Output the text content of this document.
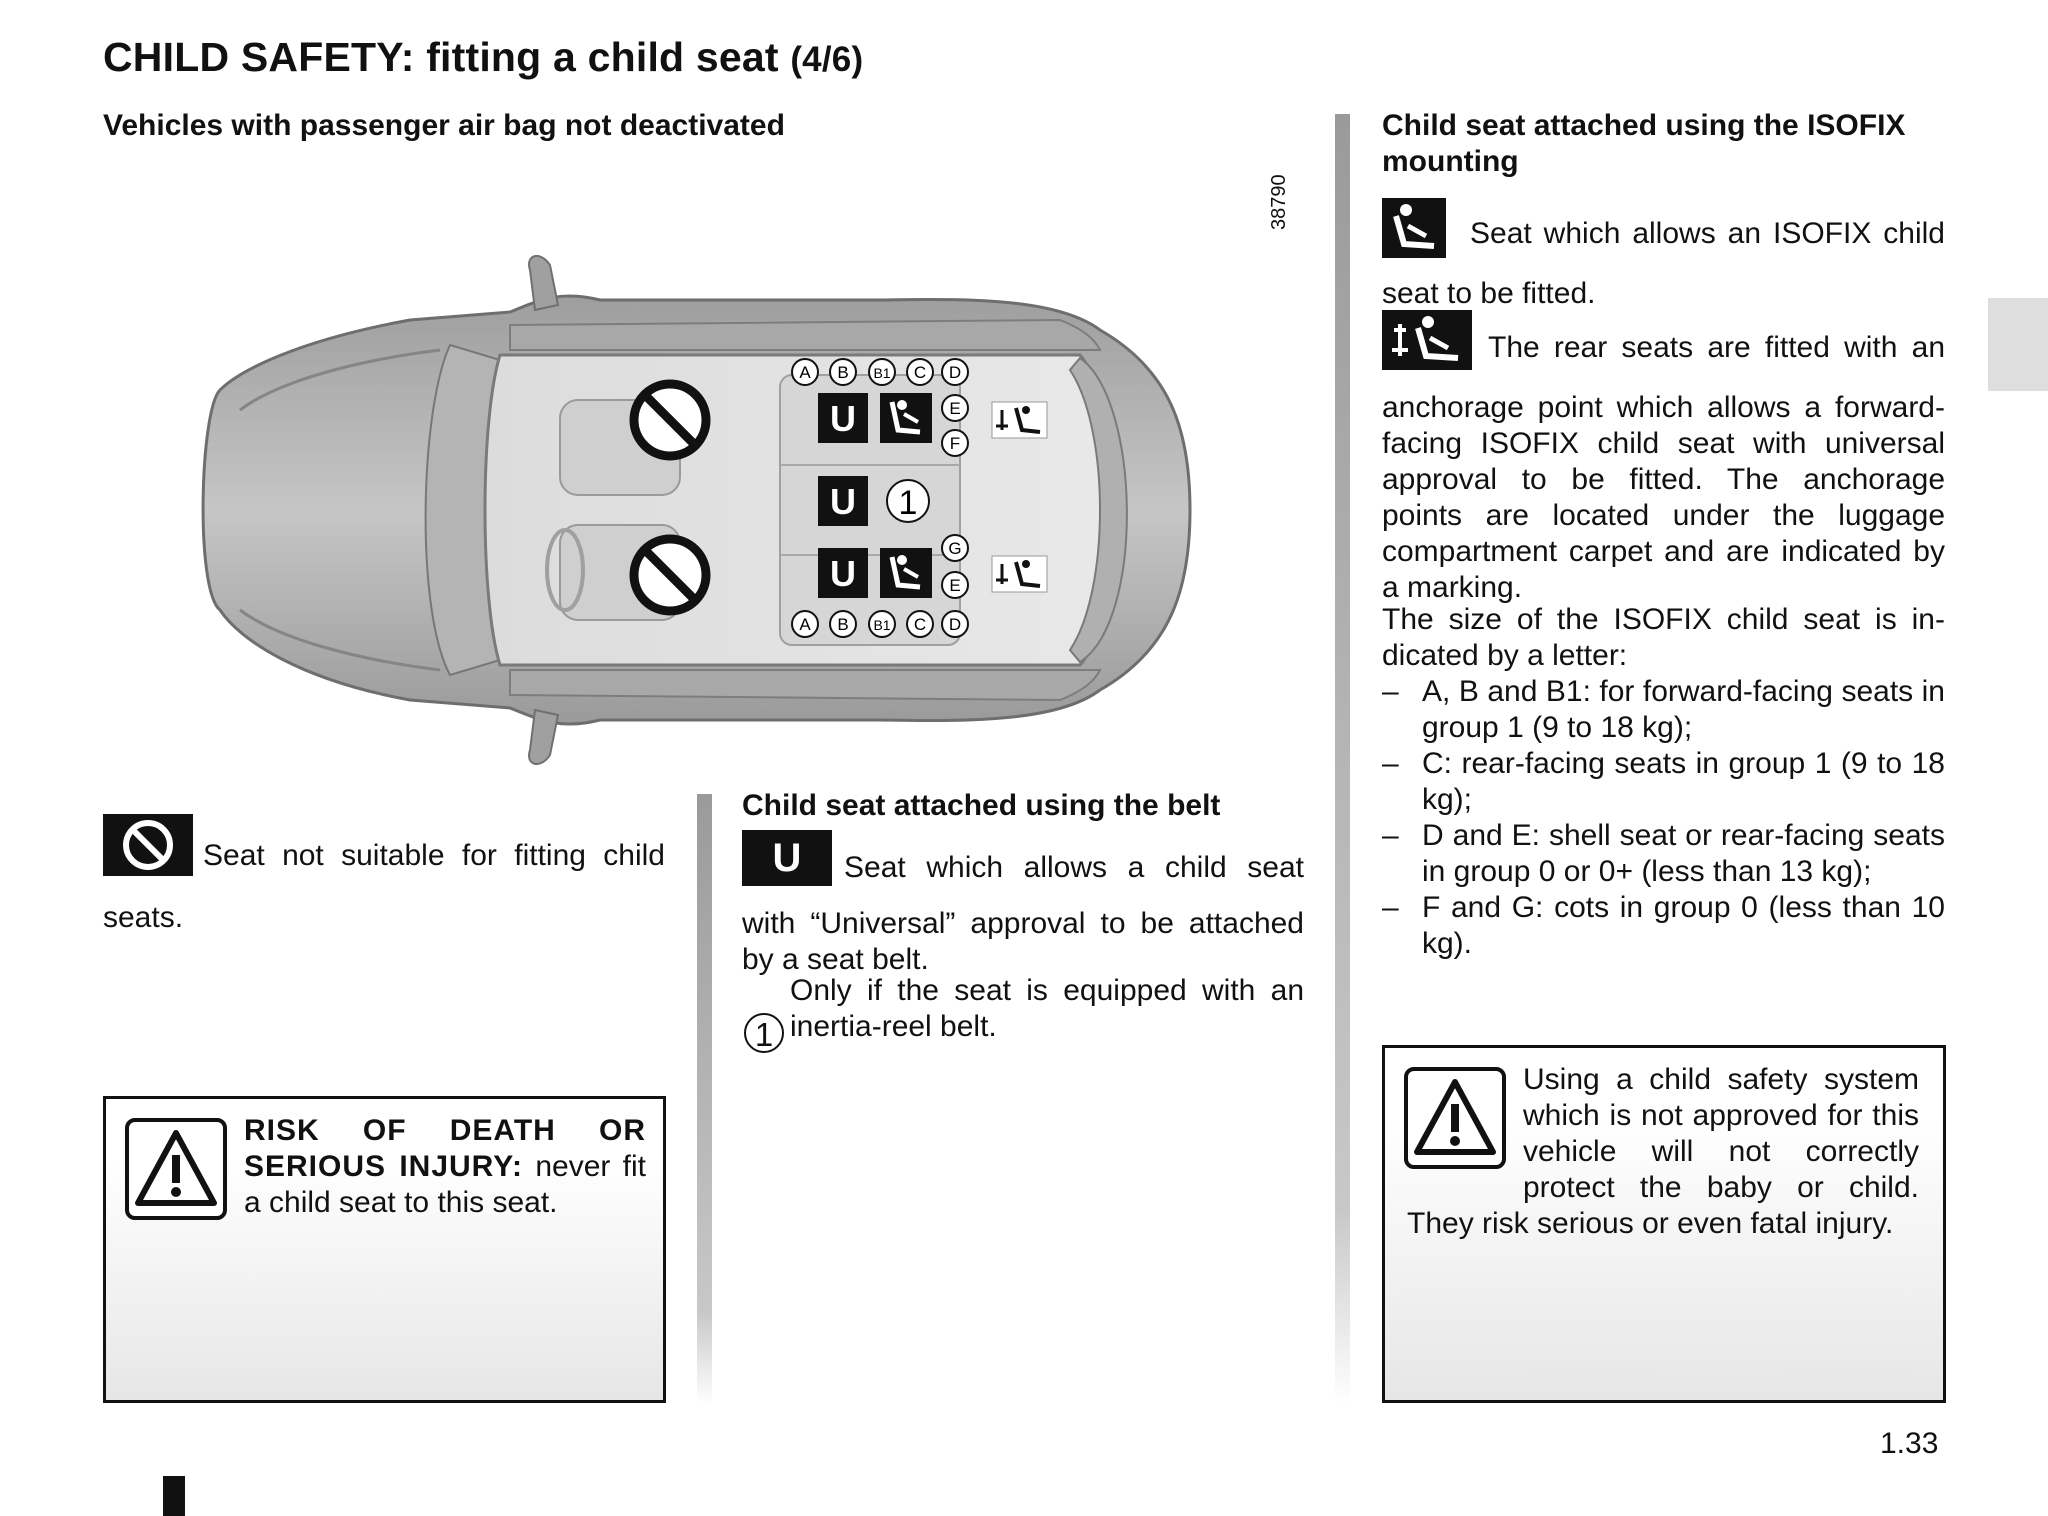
CHILD SAFETY: fitting a child seat (4/6)
Vehicles with passenger air bag not deactivated
38790
A B B1 C D
U	E
F
U 1
U
G
E
A B B1 C D
Seat not suitable for fitting child seats.
RISK OF DEATH OR SERIOUS INJURY: never fit a child seat to this seat.
Child seat attached using the belt
U Seat which allows a child seat with “Universal” approval to be attached by a seat belt.
1
Only if the seat is equipped with an inertia-reel belt.
Child seat attached using the ISOFIX mounting
Seat which allows an ISOFIX child seat to be fitted.
The rear seats are fitted with an anchorage point which allows a forward-facing ISOFIX child seat with universal approval to be fitted. The anchorage points are located under the luggage compartment carpet and are indicated by a marking.
The size of the ISOFIX child seat is indicated by a letter:
– A, B and B1: for forward-facing seats in group 1 (9 to 18 kg);
– C: rear-facing seats in group 1 (9 to 18 kg);
– D and E: shell seat or rear-facing seats in group 0 or 0+ (less than 13 kg);
– F and G: cots in group 0 (less than 10 kg).
Using a child safety system which is not approved for this vehicle will not correctly protect the baby or child. They risk serious or even fatal injury.
1.33
